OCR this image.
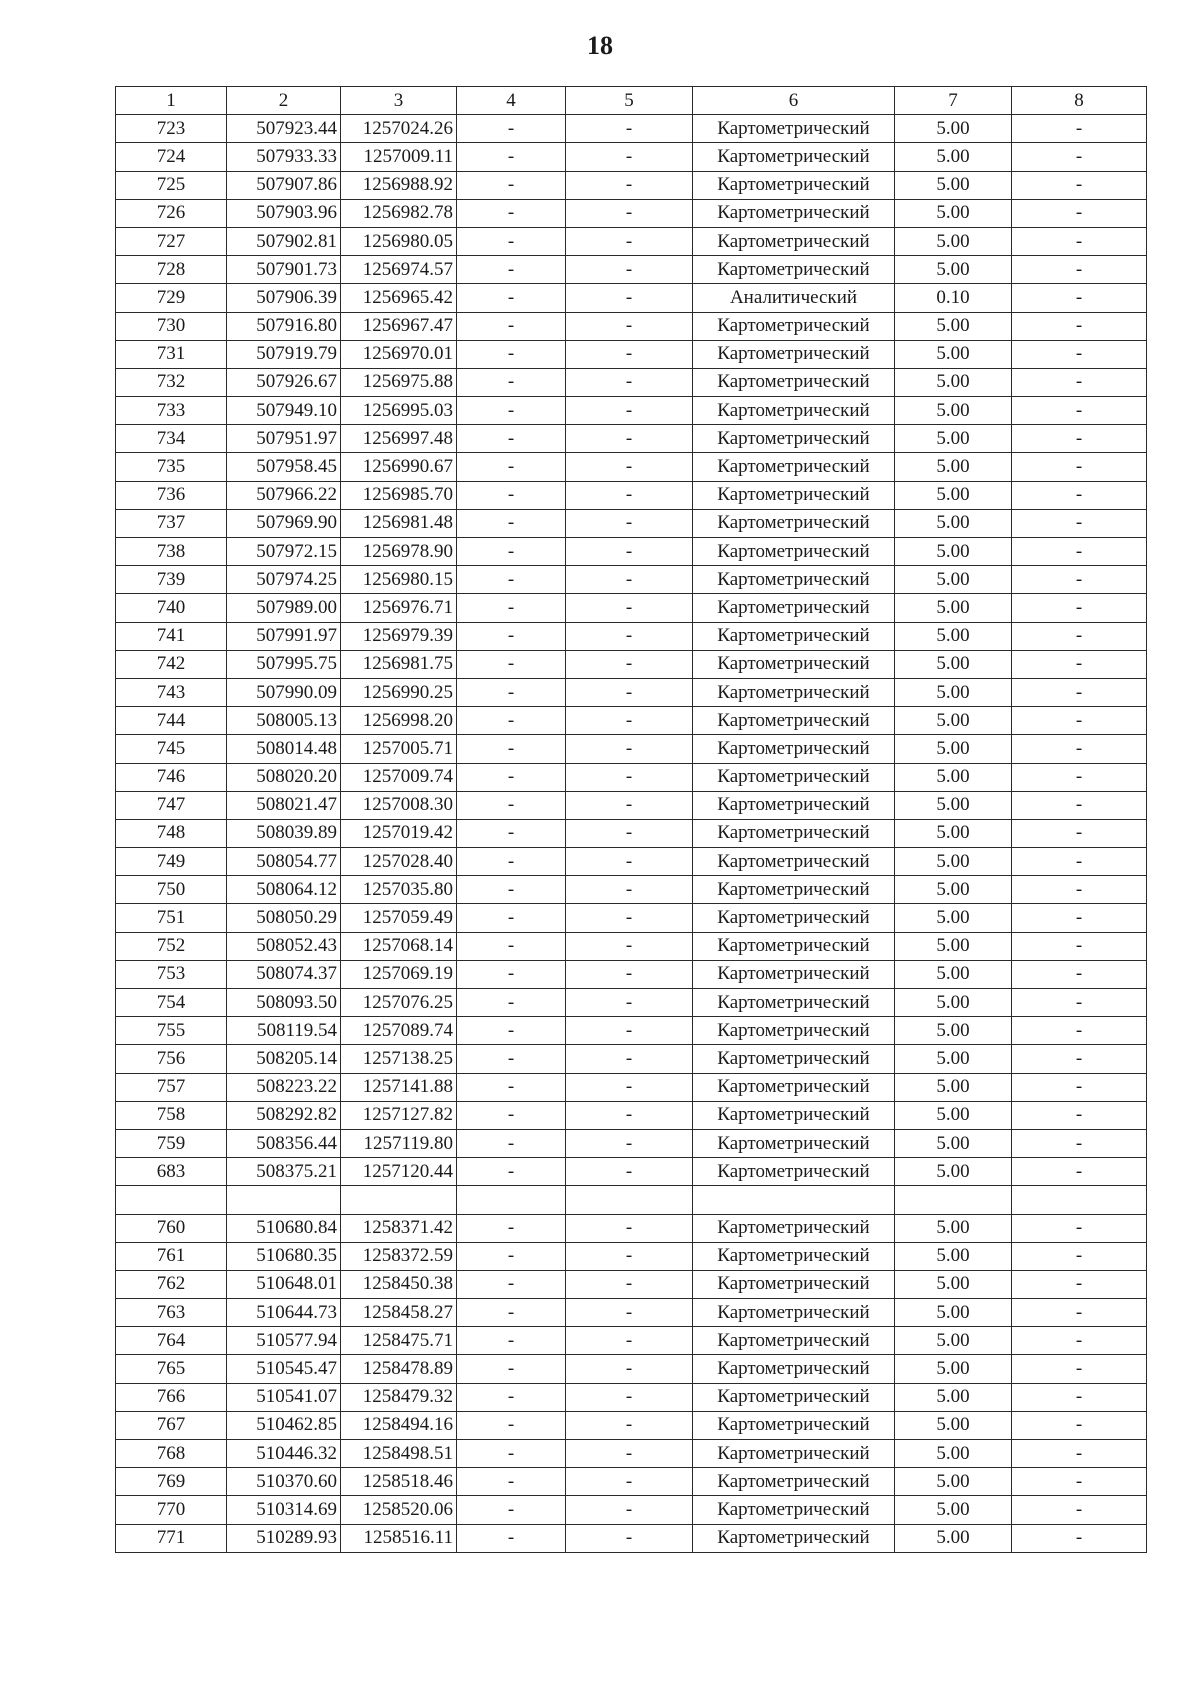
18
1	2	3	4	5	6	7	8
723	507923.44	1257024.26	-	-	Картометрический	5.00	-
724	507933.33	1257009.11	-	-	Картометрический	5.00	-
725	507907.86	1256988.92	-	-	Картометрический	5.00	-
726	507903.96	1256982.78	-	-	Картометрический	5.00	-
727	507902.81	1256980.05	-	-	Картометрический	5.00	-
728	507901.73	1256974.57	-	-	Картометрический	5.00	-
729	507906.39	1256965.42	-	-	Аналитический	0.10	-
730	507916.80	1256967.47	-	-	Картометрический	5.00	-
731	507919.79	1256970.01	-	-	Картометрический	5.00	-
732	507926.67	1256975.88	-	-	Картометрический	5.00	-
733	507949.10	1256995.03	-	-	Картометрический	5.00	-
734	507951.97	1256997.48	-	-	Картометрический	5.00	-
735	507958.45	1256990.67	-	-	Картометрический	5.00	-
736	507966.22	1256985.70	-	-	Картометрический	5.00	-
737	507969.90	1256981.48	-	-	Картометрический	5.00	-
738	507972.15	1256978.90	-	-	Картометрический	5.00	-
739	507974.25	1256980.15	-	-	Картометрический	5.00	-
740	507989.00	1256976.71	-	-	Картометрический	5.00	-
741	507991.97	1256979.39	-	-	Картометрический	5.00	-
742	507995.75	1256981.75	-	-	Картометрический	5.00	-
743	507990.09	1256990.25	-	-	Картометрический	5.00	-
744	508005.13	1256998.20	-	-	Картометрический	5.00	-
745	508014.48	1257005.71	-	-	Картометрический	5.00	-
746	508020.20	1257009.74	-	-	Картометрический	5.00	-
747	508021.47	1257008.30	-	-	Картометрический	5.00	-
748	508039.89	1257019.42	-	-	Картометрический	5.00	-
749	508054.77	1257028.40	-	-	Картометрический	5.00	-
750	508064.12	1257035.80	-	-	Картометрический	5.00	-
751	508050.29	1257059.49	-	-	Картометрический	5.00	-
752	508052.43	1257068.14	-	-	Картометрический	5.00	-
753	508074.37	1257069.19	-	-	Картометрический	5.00	-
754	508093.50	1257076.25	-	-	Картометрический	5.00	-
755	508119.54	1257089.74	-	-	Картометрический	5.00	-
756	508205.14	1257138.25	-	-	Картометрический	5.00	-
757	508223.22	1257141.88	-	-	Картометрический	5.00	-
758	508292.82	1257127.82	-	-	Картометрический	5.00	-
759	508356.44	1257119.80	-	-	Картометрический	5.00	-
683	508375.21	1257120.44	-	-	Картометрический	5.00	-

760	510680.84	1258371.42	-	-	Картометрический	5.00	-
761	510680.35	1258372.59	-	-	Картометрический	5.00	-
762	510648.01	1258450.38	-	-	Картометрический	5.00	-
763	510644.73	1258458.27	-	-	Картометрический	5.00	-
764	510577.94	1258475.71	-	-	Картометрический	5.00	-
765	510545.47	1258478.89	-	-	Картометрический	5.00	-
766	510541.07	1258479.32	-	-	Картометрический	5.00	-
767	510462.85	1258494.16	-	-	Картометрический	5.00	-
768	510446.32	1258498.51	-	-	Картометрический	5.00	-
769	510370.60	1258518.46	-	-	Картометрический	5.00	-
770	510314.69	1258520.06	-	-	Картометрический	5.00	-
771	510289.93	1258516.11	-	-	Картометрический	5.00	-
